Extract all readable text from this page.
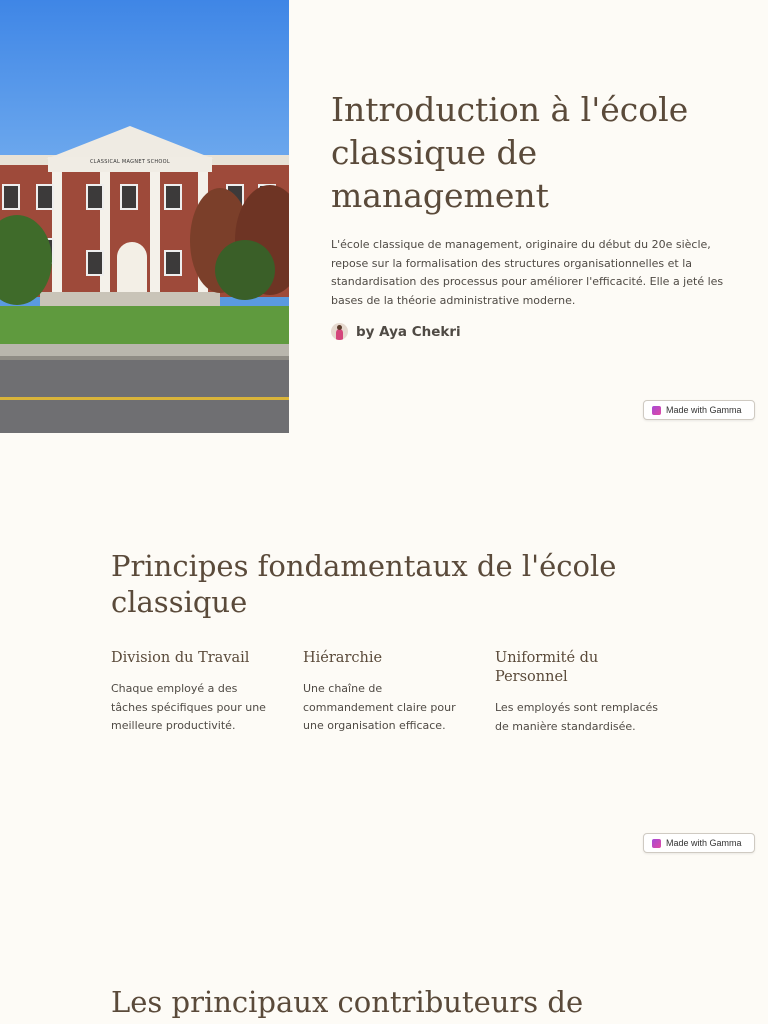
CLASSICAL MAGNET SCHOOL
Introduction à l'école classique de management

L'école classique de management, originaire du début du 20e siècle, repose sur la formalisation des structures organisationnelles et la standardisation des processus pour améliorer l'efficacité. Elle a jeté les bases de la théorie administrative moderne.

by Aya Chekri
Made with Gamma
Principes fondamentaux de l'école classique
Division du Travail

Chaque employé a des tâches spécifiques pour une meilleure productivité.

Hiérarchie

Une chaîne de commandement claire pour une organisation efficace.

Uniformité du Personnel

Les employés sont remplacés de manière standardisée.

Made with Gamma
Les principaux contributeurs de
